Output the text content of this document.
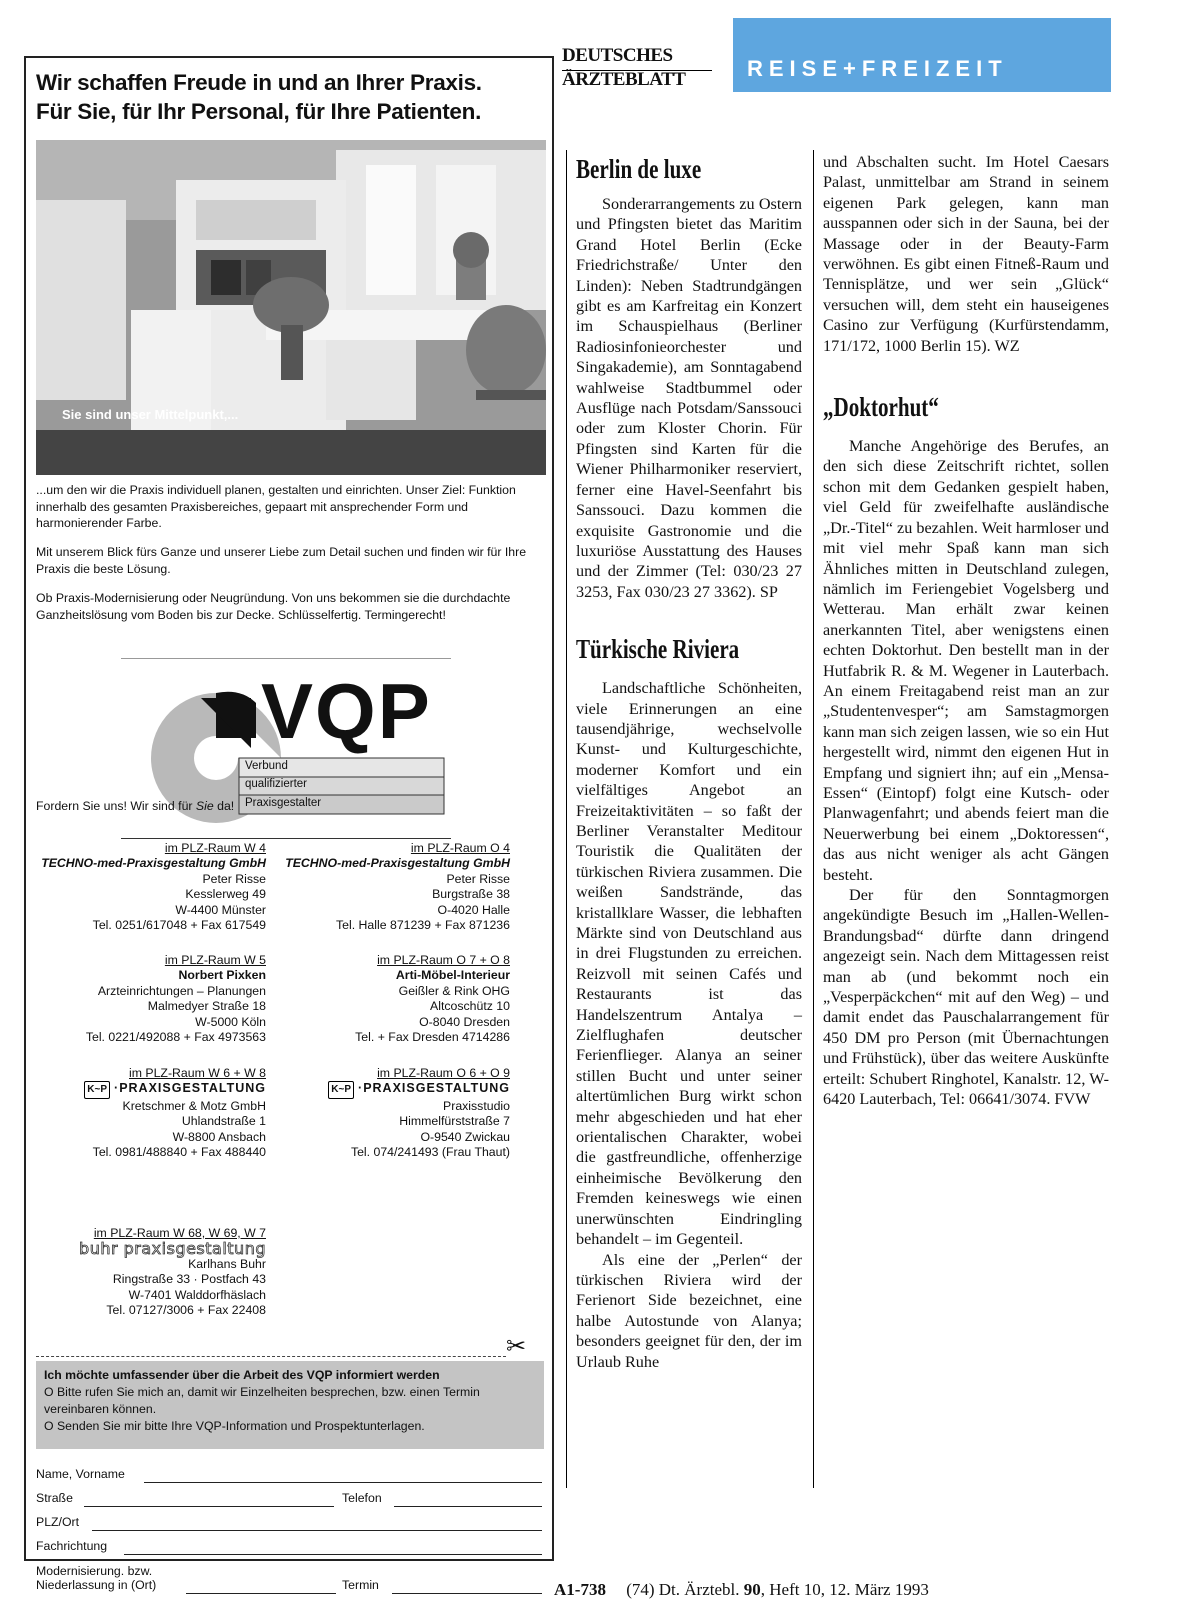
Wir schaffen Freude in und an Ihrer Praxis.
Für Sie, für Ihr Personal, für Ihre Patienten.
Sie sind unser Mittelpunkt,...
...um den wir die Praxis individuell planen, gestalten und einrichten. Unser Ziel: Funktion innerhalb des gesamten Praxisbereiches, gepaart mit ansprechender Form und harmonierender Farbe.
Mit unserem Blick fürs Ganze und unserer Liebe zum Detail suchen und finden wir für Ihre Praxis die beste Lösung.
Ob Praxis-Modernisierung oder Neugründung. Von uns bekommen sie die durchdachte Ganzheitslösung vom Boden bis zur Decke. Schlüsselfertig. Termingerecht!
VQP
Verbund
qualifizierter
Praxisgestalter
Fordern Sie uns! Wir sind für Sie da!
im PLZ-Raum W 4
TECHNO-med-Praxisgestaltung GmbH
Peter Risse
Kesslerweg 49
W-4400 Münster
Tel. 0251/617048 + Fax 617549
im PLZ-Raum O 4
TECHNO-med-Praxisgestaltung GmbH
Peter Risse
Burgstraße 38
O-4020 Halle
Tel. Halle 871239 + Fax 871236
im PLZ-Raum W 5
Norbert Pixken
Arzteinrichtungen – Planungen
Malmedyer Straße 18
W-5000 Köln
Tel. 0221/492088 + Fax 4973563
im PLZ-Raum O 7 + O 8
Arti-Möbel-Interieur
Geißler & Rink OHG
Altcoschütz 10
O-8040 Dresden
Tel. + Fax Dresden 4714286
im PLZ-Raum W 6 + W 8
K~P ·PRAXISGESTALTUNG
Kretschmer & Motz GmbH
Uhlandstraße 1
W-8800 Ansbach
Tel. 0981/488840 + Fax 488440
im PLZ-Raum O 6 + O 9
K~P ·PRAXISGESTALTUNG
Praxisstudio
Himmelfürststraße 7
O-9540 Zwickau
Tel. 074/241493 (Frau Thaut)
im PLZ-Raum W 68, W 69, W 7
buhr praxisgestaltung
Karlhans Buhr
Ringstraße 33 · Postfach 43
W-7401 Walddorfhäslach
Tel. 07127/3006 + Fax 22408
✂
Ich möchte umfassender über die Arbeit des VQP informiert werden
O Bitte rufen Sie mich an, damit wir Einzelheiten besprechen, bzw. einen Termin vereinbaren können.
O Senden Sie mir bitte Ihre VQP-Information und Prospektunterlagen.
Name, Vorname
Straße	Telefon
PLZ/Ort
Fachrichtung
Modernisierung. bzw.
Niederlassung in (Ort)	Termin
DEUTSCHES
ÄRZTEBLATT	REISE+FREIZEIT
Berlin de luxe

Sonderarrangements zu Ostern und Pfingsten bietet das Maritim Grand Hotel Berlin (Ecke Friedrichstraße/ Unter den Linden): Neben Stadtrundgängen gibt es am Karfreitag ein Konzert im Schauspielhaus (Berliner Radiosinfonieorchester und Singakademie), am Sonntagabend wahlweise Stadtbummel oder Ausflüge nach Potsdam/Sanssouci oder zum Kloster Chorin. Für Pfingsten sind Karten für die Wiener Philharmoniker reserviert, ferner eine Havel-Seenfahrt bis Sanssouci. Dazu kommen die exquisite Gastronomie und die luxuriöse Ausstattung des Hauses und der Zimmer (Tel: 030/23 27 3253, Fax 030/23 27 3362). SP

Türkische Riviera

Landschaftliche Schönheiten, viele Erinnerungen an eine tausendjährige, wechselvolle Kunst- und Kulturgeschichte, moderner Komfort und ein vielfältiges Angebot an Freizeitaktivitäten – so faßt der Berliner Veranstalter Meditour Touristik die Qualitäten der türkischen Riviera zusammen. Die weißen Sandstrände, das kristallklare Wasser, die lebhaften Märkte sind von Deutschland aus in drei Flugstunden zu erreichen. Reizvoll mit seinen Cafés und Restaurants ist das Handelszentrum Antalya – Zielflughafen deutscher Ferienflieger. Alanya an seiner stillen Bucht und unter seiner altertümlichen Burg wirkt schon mehr abgeschieden und hat eher orientalischen Charakter, wobei die gastfreundliche, offenherzige einheimische Bevölkerung den Fremden keineswegs wie einen unerwünschten Eindringling behandelt – im Gegenteil.

Als eine der „Perlen“ der türkischen Riviera wird der Ferienort Side bezeichnet, eine halbe Autostunde von Alanya; besonders geeignet für den, der im Urlaub Ruhe

und Abschalten sucht. Im Hotel Caesars Palast, unmittelbar am Strand in seinem eigenen Park gelegen, kann man ausspannen oder sich in der Sauna, bei der Massage oder in der Beauty-Farm verwöhnen. Es gibt einen Fitneß-Raum und Tennisplätze, und wer sein „Glück“ versuchen will, dem steht ein hauseigenes Casino zur Verfügung (Kurfürstendamm, 171/172, 1000 Berlin 15). WZ

„Doktorhut“

Manche Angehörige des Berufes, an den sich diese Zeitschrift richtet, sollen schon mit dem Gedanken gespielt haben, viel Geld für zweifelhafte ausländische „Dr.-Titel“ zu bezahlen. Weit harmloser und mit viel mehr Spaß kann man sich Ähnliches mitten in Deutschland zulegen, nämlich im Feriengebiet Vogelsberg und Wetterau. Man erhält zwar keinen anerkannten Titel, aber wenigstens einen echten Doktorhut. Den bestellt man in der Hutfabrik R. & M. Wegener in Lauterbach. An einem Freitagabend reist man an zur „Studentenvesper“; am Samstagmorgen kann man sich zeigen lassen, wie so ein Hut hergestellt wird, nimmt den eigenen Hut in Empfang und signiert ihn; auf ein „Mensa-Essen“ (Eintopf) folgt eine Kutsch- oder Planwagenfahrt; und abends feiert man die Neuerwerbung bei einem „Doktoressen“, das aus nicht weniger als acht Gängen besteht.

Der für den Sonntagmorgen angekündigte Besuch im „Hallen-Wellen-Brandungsbad“ dürfte dann dringend angezeigt sein. Nach dem Mittagessen reist man ab (und bekommt noch ein „Vesperpäckchen“ mit auf den Weg) – und damit endet das Pauschalarrangement für 450 DM pro Person (mit Übernachtungen und Frühstück), über das weitere Auskünfte erteilt: Schubert Ringhotel, Kanalstr. 12, W-6420 Lauterbach, Tel: 06641/3074. FVW

A1-738 (74) Dt. Ärztebl. 90, Heft 10, 12. März 1993
